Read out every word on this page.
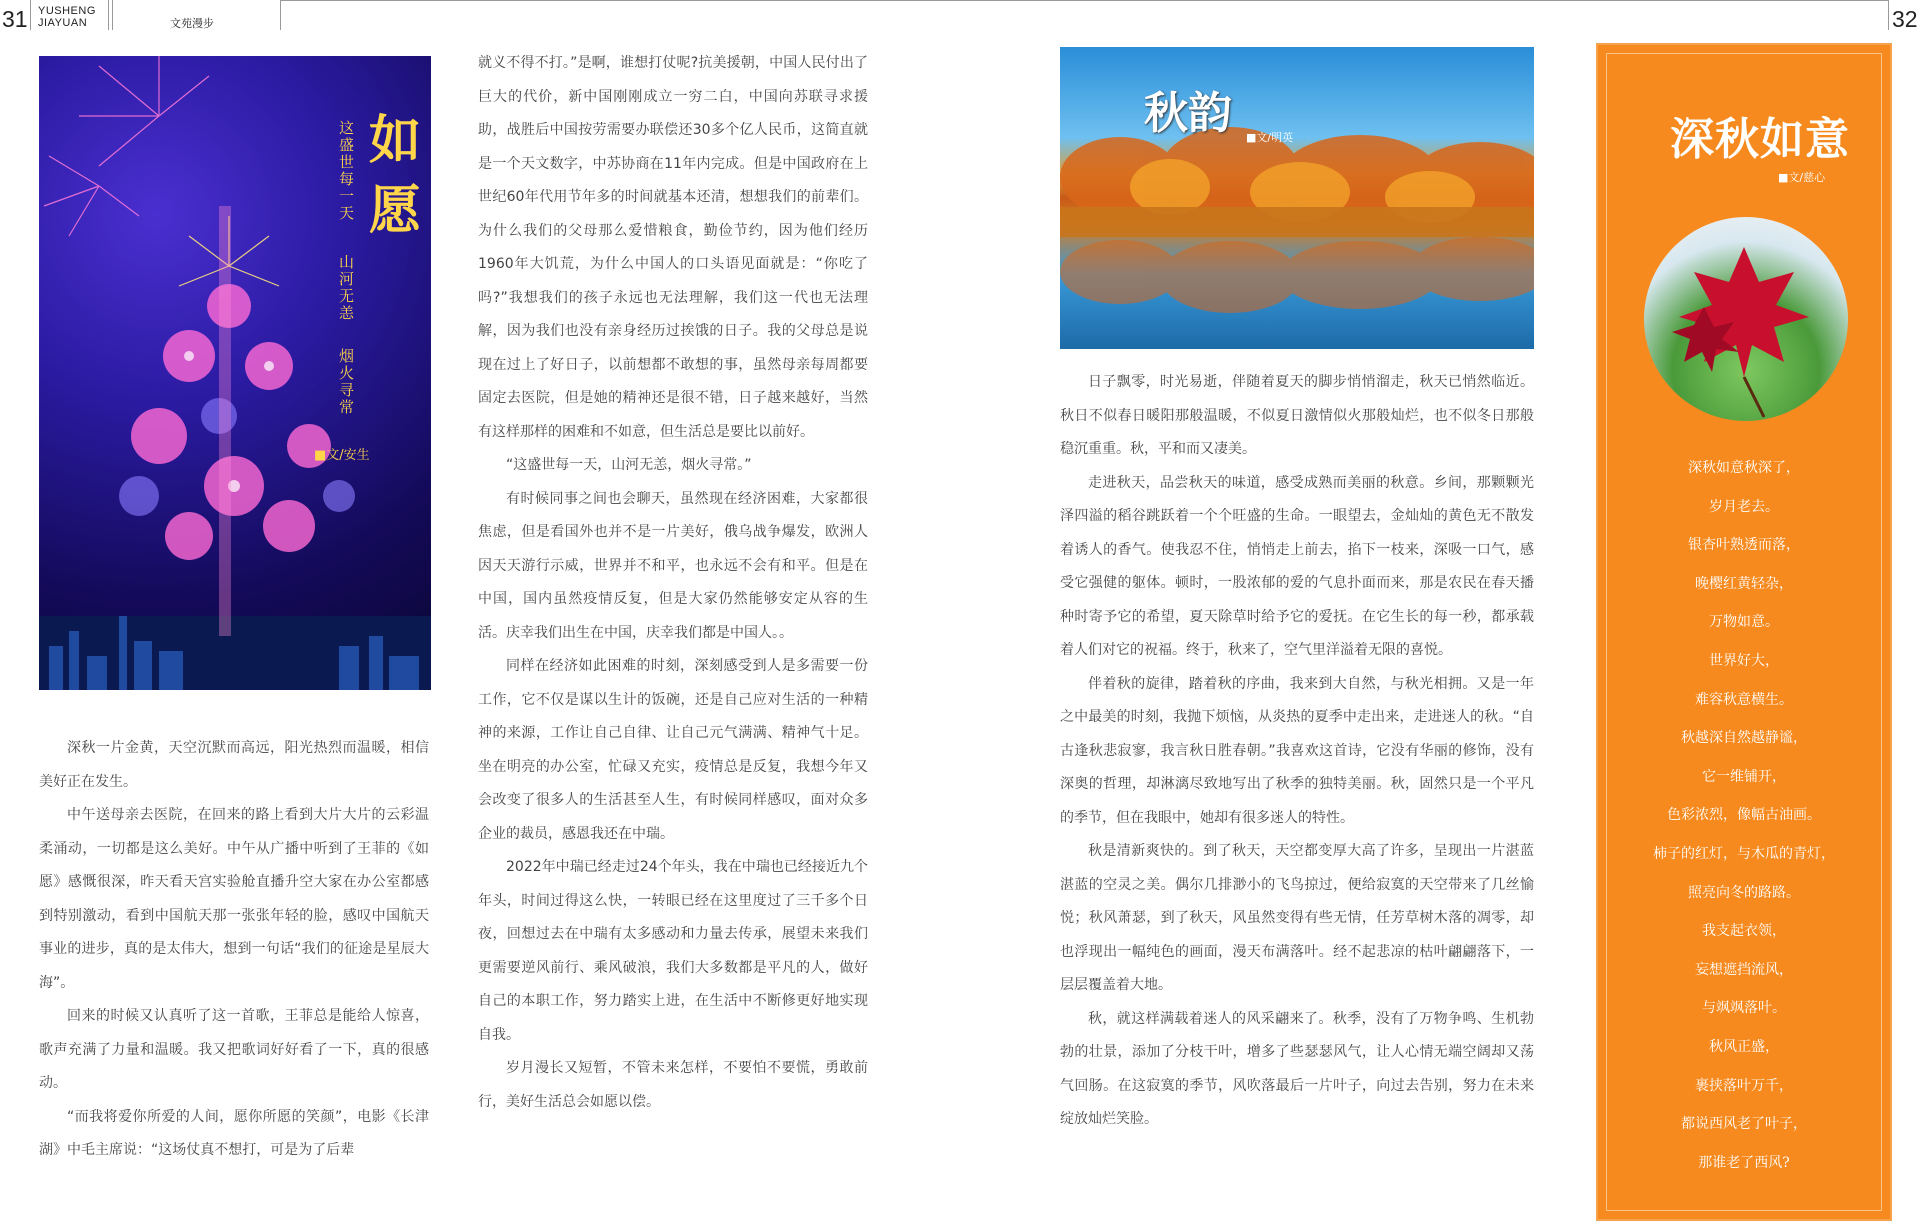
31 YUSHENG
JIAYUAN	文苑漫步	32
如愿
这盛世每一天
山河无恙
烟火寻常
■文/安生

深秋一片金黄，天空沉默而高远，阳光热烈而温暖，相信美好正在发生。

中午送母亲去医院，在回来的路上看到大片大片的云彩温柔涌动，一切都是这么美好。中午从广播中听到了王菲的《如愿》感慨很深，昨天看天宫实验舱直播升空大家在办公室都感到特别激动，看到中国航天那一张张年轻的脸，感叹中国航天事业的进步，真的是太伟大，想到一句话“我们的征途是星辰大海”。

回来的时候又认真听了这一首歌，王菲总是能给人惊喜，歌声充满了力量和温暖。我又把歌词好好看了一下，真的很感动。

“而我将爱你所爱的人间，愿你所愿的笑颜”，电影《长津湖》中毛主席说：“这场仗真不想打，可是为了后辈

就义不得不打。”是啊，谁想打仗呢?抗美援朝，中国人民付出了巨大的代价，新中国刚刚成立一穷二白，中国向苏联寻求援助，战胜后中国按劳需要办联偿还30多个亿人民币，这简直就是一个天文数字，中苏协商在11年内完成。但是中国政府在上世纪60年代用节年多的时间就基本还清，想想我们的前辈们。为什么我们的父母那么爱惜粮食，勤俭节约，因为他们经历1960年大饥荒，为什么中国人的口头语见面就是：“你吃了吗?”我想我们的孩子永远也无法理解，我们这一代也无法理解，因为我们也没有亲身经历过挨饿的日子。我的父母总是说现在过上了好日子，以前想都不敢想的事，虽然母亲每周都要固定去医院，但是她的精神还是很不错，日子越来越好，当然有这样那样的困难和不如意，但生活总是要比以前好。

“这盛世每一天，山河无恙，烟火寻常。”

有时候同事之间也会聊天，虽然现在经济困难，大家都很焦虑，但是看国外也并不是一片美好，俄乌战争爆发，欧洲人因天天游行示威，世界并不和平，也永远不会有和平。但是在中国，国内虽然疫情反复，但是大家仍然能够安定从容的生活。庆幸我们出生在中国，庆幸我们都是中国人。。

同样在经济如此困难的时刻，深刻感受到人是多需要一份工作，它不仅是谋以生计的饭碗，还是自己应对生活的一种精神的来源，工作让自己自律、让自己元气满满、精神气十足。坐在明亮的办公室，忙碌又充实，疫情总是反复，我想今年又会改变了很多人的生活甚至人生，有时候同样感叹，面对众多企业的裁员，感恩我还在中瑞。

2022年中瑞已经走过24个年头，我在中瑞也已经接近九个年头，时间过得这么快，一转眼已经在这里度过了三千多个日夜，回想过去在中瑞有太多感动和力量去传承，展望未来我们更需要逆风前行、乘风破浪，我们大多数都是平凡的人，做好自己的本职工作，努力踏实上进，在生活中不断修更好地实现自我。

岁月漫长又短暂，不管未来怎样，不要怕不要慌，勇敢前行，美好生活总会如愿以偿。

秋韵 ■文/明英

日子飘零，时光易逝，伴随着夏天的脚步悄悄溜走，秋天已悄然临近。秋日不似春日暖阳那般温暖，不似夏日激情似火那般灿烂，也不似冬日那般稳沉重重。秋，平和而又凄美。

走进秋天，品尝秋天的味道，感受成熟而美丽的秋意。乡间，那颗颗光泽四溢的稻谷跳跃着一个个旺盛的生命。一眼望去，金灿灿的黄色无不散发着诱人的香气。使我忍不住，悄悄走上前去，掐下一枝来，深吸一口气，感受它强健的躯体。顿时，一股浓郁的爱的气息扑面而来，那是农民在春天播种时寄予它的希望，夏天除草时给予它的爱抚。在它生长的每一秒，都承载着人们对它的祝福。终于，秋来了，空气里洋溢着无限的喜悦。

伴着秋的旋律，踏着秋的序曲，我来到大自然，与秋光相拥。又是一年之中最美的时刻，我抛下烦恼，从炎热的夏季中走出来，走进迷人的秋。“自古逢秋悲寂寥，我言秋日胜春朝。”我喜欢这首诗，它没有华丽的修饰，没有深奥的哲理，却淋漓尽致地写出了秋季的独特美丽。秋，固然只是一个平凡的季节，但在我眼中，她却有很多迷人的特性。

秋是清新爽快的。到了秋天，天空都变厚大高了许多，呈现出一片湛蓝湛蓝的空灵之美。偶尔几排渺小的飞鸟掠过，便给寂寞的天空带来了几丝愉悦；秋风萧瑟，到了秋天，风虽然变得有些无情，任芳草树木落的凋零，却也浮现出一幅纯色的画面，漫天布满落叶。经不起悲凉的枯叶翩翩落下，一层层覆盖着大地。

秋，就这样满载着迷人的风采翩来了。秋季，没有了万物争鸣、生机勃勃的壮景，添加了分枝干叶，增多了些瑟瑟风气，让人心情无端空阔却又荡气回肠。在这寂寞的季节，风吹落最后一片叶子，向过去告别，努力在未来绽放灿烂笑脸。

深秋如意
■文/慈心
深秋如意秋深了，
岁月老去。
银杏叶熟透而落，
晚樱红黄轻杂，
万物如意。
世界好大，
难容秋意横生。
秋越深自然越静谧，
它一维铺开，
色彩浓烈，像幅古油画。
柿子的红灯，与木瓜的青灯，
照亮向冬的路路。
我支起衣领，
妄想遮挡流风，
与飒飒落叶。
秋风正盛，
裹挟落叶万千，
都说西风老了叶子，
那谁老了西风?
